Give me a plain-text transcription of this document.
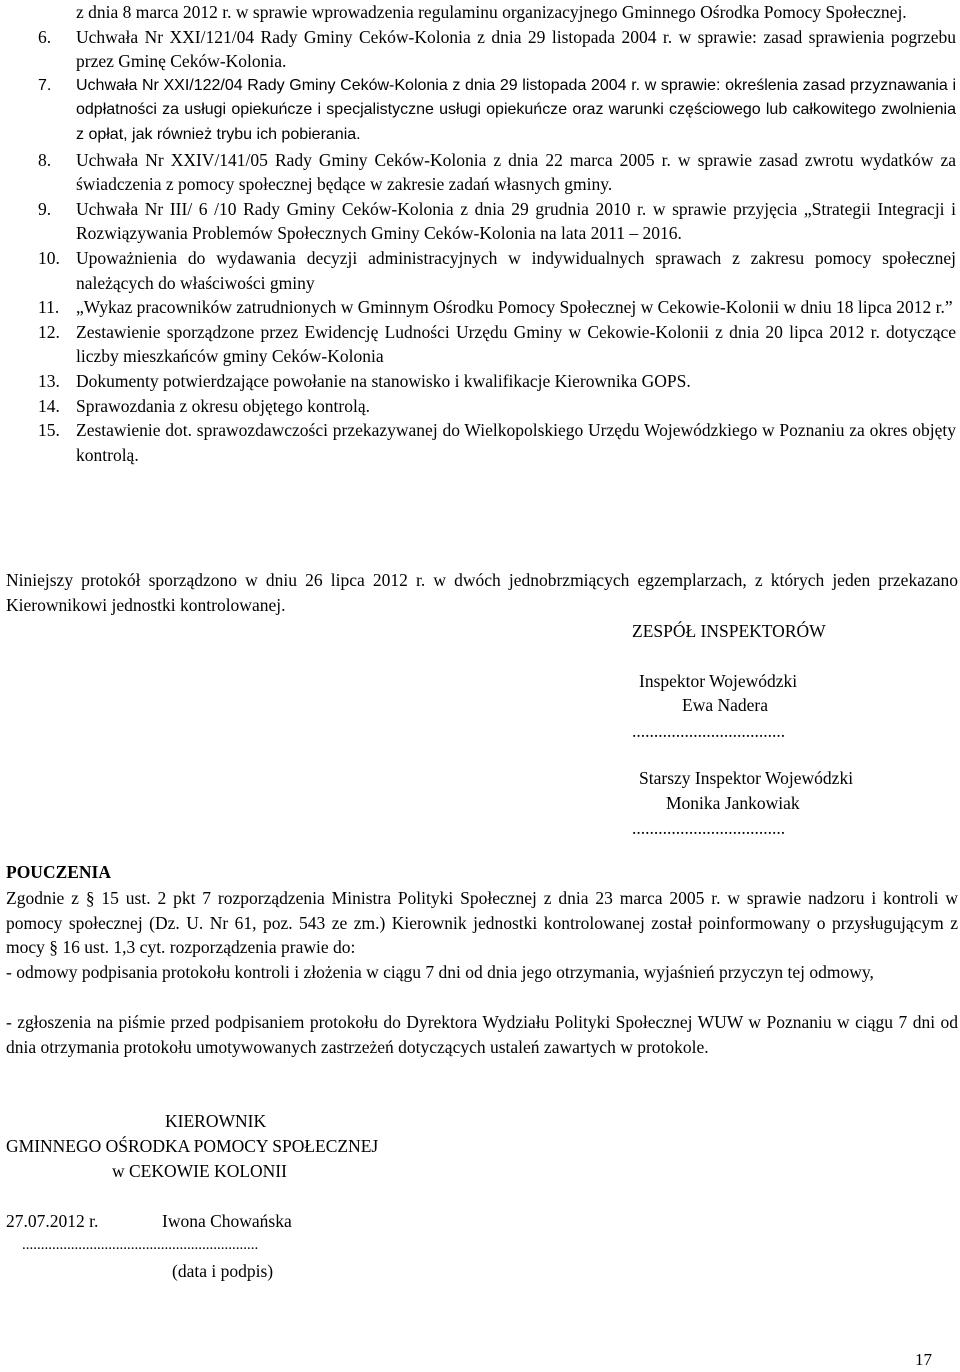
z dnia 8 marca 2012 r. w sprawie wprowadzenia regulaminu organizacyjnego Gminnego Ośrodka Pomocy Społecznej.
6.	Uchwała Nr XXI/121/04 Rady Gminy Ceków-Kolonia z dnia 29 listopada 2004 r. w sprawie: zasad sprawienia pogrzebu przez Gminę Ceków-Kolonia.
7.	Uchwała Nr XXI/122/04 Rady Gminy Ceków-Kolonia z dnia 29 listopada 2004 r. w sprawie: określenia zasad przyznawania i odpłatności za usługi opiekuńcze i specjalistyczne usługi opiekuńcze oraz warunki częściowego lub całkowitego zwolnienia z opłat, jak również trybu ich pobierania.
8.	Uchwała Nr XXIV/141/05 Rady Gminy Ceków-Kolonia z dnia 22 marca 2005 r. w sprawie zasad zwrotu wydatków za świadczenia z pomocy społecznej będące w zakresie zadań własnych gminy.
9.	Uchwała Nr III/ 6 /10 Rady Gminy Ceków-Kolonia z dnia 29 grudnia 2010 r. w sprawie przyjęcia „Strategii Integracji i Rozwiązywania Problemów Społecznych Gminy Ceków-Kolonia na lata 2011 – 2016.
10. Upoważnienia do wydawania decyzji administracyjnych w indywidualnych sprawach z zakresu pomocy społecznej należących do właściwości gminy
11. „Wykaz pracowników zatrudnionych w Gminnym Ośrodku Pomocy Społecznej w Cekowie-Kolonii w dniu 18 lipca 2012 r.”
12. Zestawienie sporządzone przez Ewidencję Ludności Urzędu Gminy w Cekowie-Kolonii z dnia 20 lipca 2012 r. dotyczące liczby mieszkańców gminy Ceków-Kolonia
13. Dokumenty potwierdzające powołanie na stanowisko i kwalifikacje Kierownika GOPS.
14. Sprawozdania z okresu objętego kontrolą.
15. Zestawienie dot. sprawozdawczości przekazywanej do Wielkopolskiego Urzędu Wojewódzkiego w Poznaniu za okres objęty kontrolą.
Niniejszy protokół sporządzono w dniu 26 lipca 2012 r. w dwóch jednobrzmiących egzemplarzach, z których jeden przekazano Kierownikowi jednostki kontrolowanej.
ZESPÓŁ INSPEKTORÓW
Inspektor Wojewódzki
Ewa Nadera
...................................
Starszy Inspektor Wojewódzki
Monika Jankowiak
...................................
POUCZENIA
Zgodnie z § 15 ust. 2 pkt 7 rozporządzenia Ministra Polityki Społecznej z dnia 23 marca 2005 r. w sprawie nadzoru i kontroli w pomocy społecznej (Dz. U. Nr 61, poz. 543 ze zm.) Kierownik jednostki kontrolowanej został poinformowany o przysługującym z mocy § 16 ust. 1,3 cyt. rozporządzenia prawie do:
- odmowy podpisania protokołu kontroli i złożenia w ciągu 7 dni od dnia jego otrzymania, wyjaśnień przyczyn tej odmowy,
- zgłoszenia na piśmie przed podpisaniem protokołu do Dyrektora Wydziału Polityki Społecznej WUW w Poznaniu w ciągu 7 dni od dnia otrzymania protokołu umotywowanych zastrzeżeń dotyczących ustaleń zawartych w protokole.
KIEROWNIK
GMINNEGO OŚRODKA POMOCY SPOŁECZNEJ
w CEKOWIE KOLONII
27.07.2012 r.	Iwona Chowańska
...............................................................
(data i podpis)
17
